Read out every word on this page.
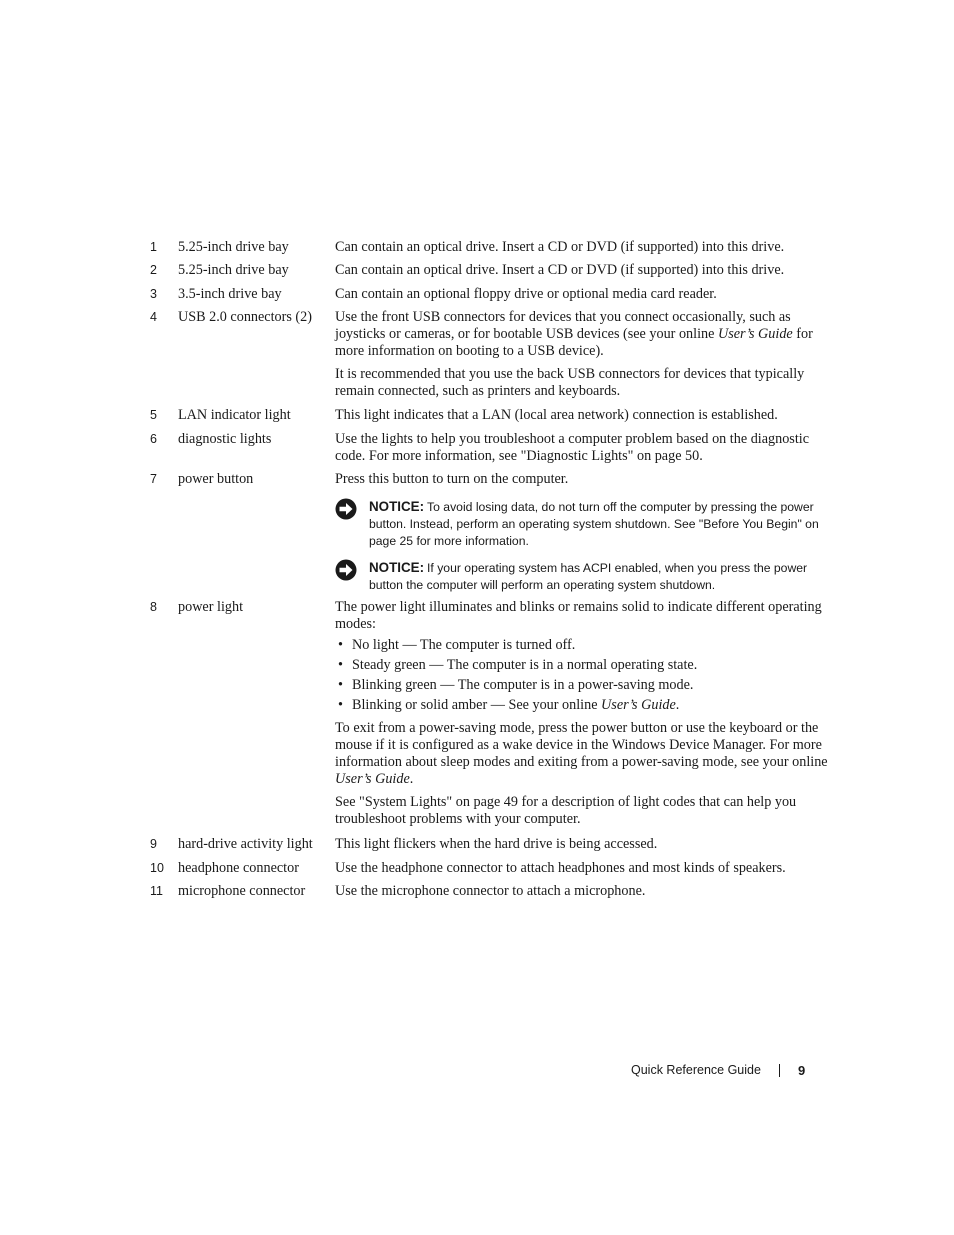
1 5.25-inch drive bay	Can contain an optical drive. Insert a CD or DVD (if supported) into this drive.

2 5.25-inch drive bay	Can contain an optical drive. Insert a CD or DVD (if supported) into this drive.

3 3.5-inch drive bay	Can contain an optional floppy drive or optional media card reader.

4 USB 2.0 connectors (2)	Use the front USB connectors for devices that you connect occasionally, such as joysticks or cameras, or for bootable USB devices (see your online User’s Guide for more information on booting to a USB device).

It is recommended that you use the back USB connectors for devices that typically remain connected, such as printers and keyboards.

5 LAN indicator light	This light indicates that a LAN (local area network) connection is established.

6 diagnostic lights	Use the lights to help you troubleshoot a computer problem based on the diagnostic code. For more information, see "Diagnostic Lights" on page 50.

7 power button	Press this button to turn on the computer.

NOTICE: To avoid losing data, do not turn off the computer by pressing the power button. Instead, perform an operating system shutdown. See "Before You Begin" on page 25 for more information.
NOTICE: If your operating system has ACPI enabled, when you press the power button the computer will perform an operating system shutdown.
8 power light	The power light illuminates and blinks or remains solid to indicate different operating modes:

• No light — The computer is turned off.
• Steady green — The computer is in a normal operating state.
• Blinking green — The computer is in a power-saving mode.
• Blinking or solid amber — See your online User’s Guide.

To exit from a power-saving mode, press the power button or use the keyboard or the mouse if it is configured as a wake device in the Windows Device Manager. For more information about sleep modes and exiting from a power-saving mode, see your online User’s Guide.

See "System Lights" on page 49 for a description of light codes that can help you troubleshoot problems with your computer.

9 hard-drive activity light	This light flickers when the hard drive is being accessed.

10 headphone connector	Use the headphone connector to attach headphones and most kinds of speakers.

11 microphone connector	Use the microphone connector to attach a microphone.

Quick Reference Guide	9
